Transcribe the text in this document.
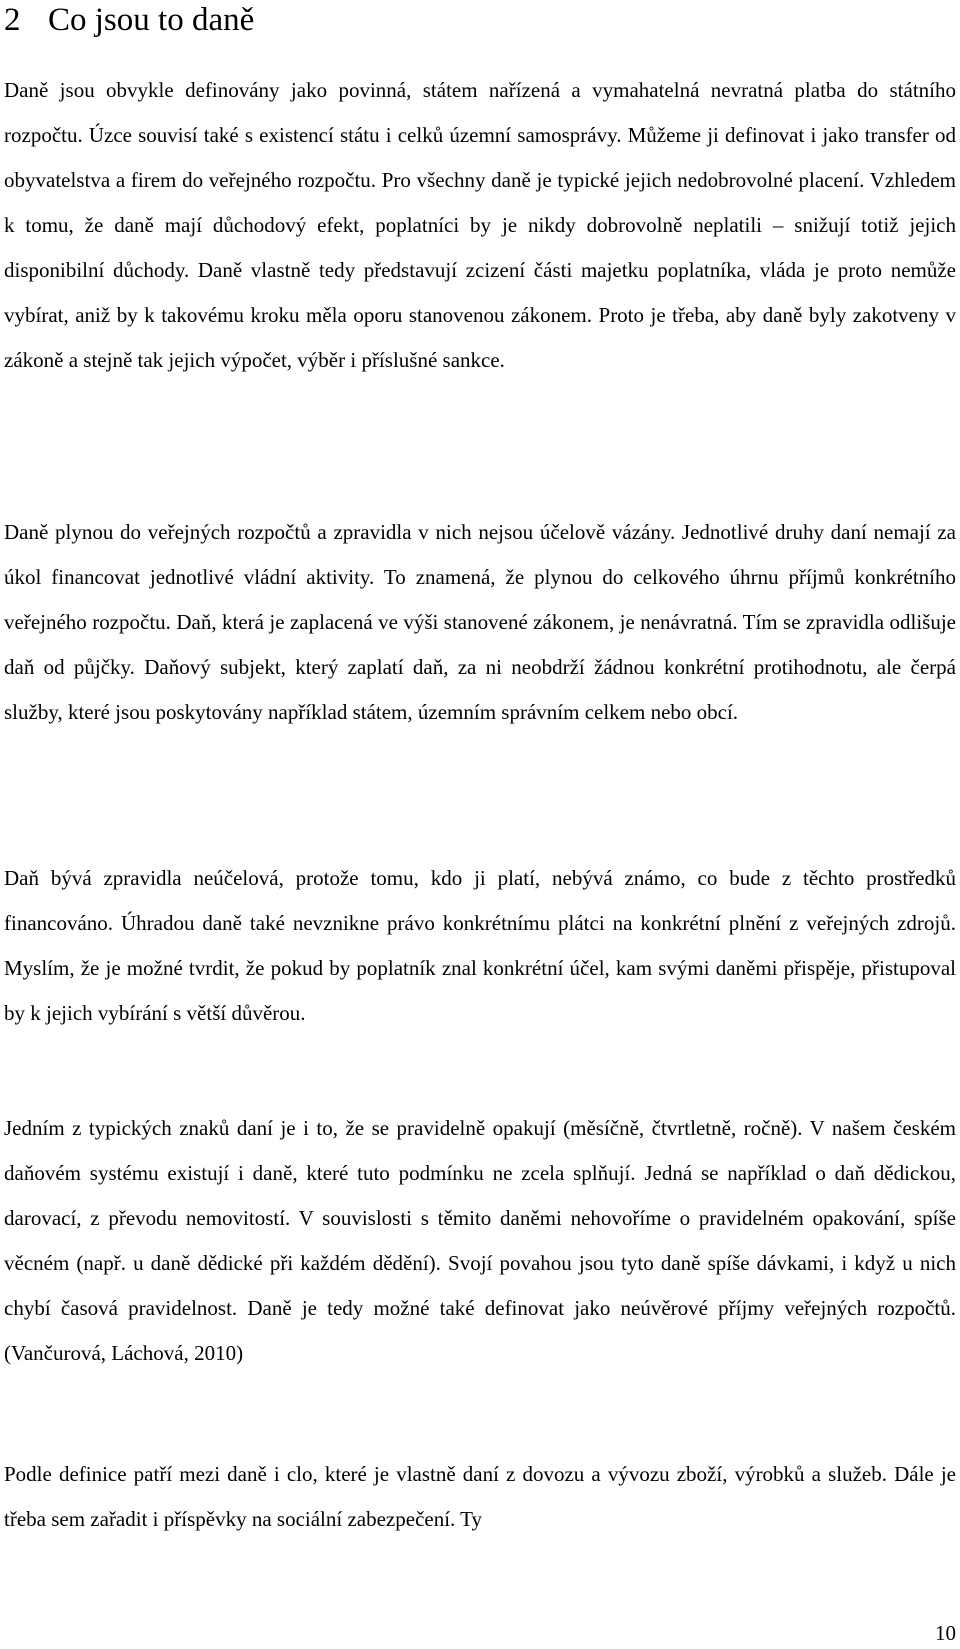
2 Co jsou to daně

Daně jsou obvykle definovány jako povinná, státem nařízená a vymahatelná nevratná platba do státního rozpočtu. Úzce souvisí také s existencí státu i celků územní samosprávy. Můžeme ji definovat i jako transfer od obyvatelstva a firem do veřejného rozpočtu. Pro všechny daně je typické jejich nedobrovolné placení. Vzhledem k tomu, že daně mají důchodový efekt, poplatníci by je nikdy dobrovolně neplatili – snižují totiž jejich disponibilní důchody. Daně vlastně tedy představují zcizení části majetku poplatníka, vláda je proto nemůže vybírat, aniž by k takovému kroku měla oporu stanovenou zákonem. Proto je třeba, aby daně byly zakotveny v zákoně a stejně tak jejich výpočet, výběr i příslušné sankce.

Daně plynou do veřejných rozpočtů a zpravidla v nich nejsou účelově vázány. Jednotlivé druhy daní nemají za úkol financovat jednotlivé vládní aktivity. To znamená, že plynou do celkového úhrnu příjmů konkrétního veřejného rozpočtu. Daň, která je zaplacená ve výši stanovené zákonem, je nenávratná. Tím se zpravidla odlišuje daň od půjčky. Daňový subjekt, který zaplatí daň, za ni neobdrží žádnou konkrétní protihodnotu, ale čerpá služby, které jsou poskytovány například státem, územním správním celkem nebo obcí.

Daň bývá zpravidla neúčelová, protože tomu, kdo ji platí, nebývá známo, co bude z těchto prostředků financováno. Úhradou daně také nevznikne právo konkrétnímu plátci na konkrétní plnění z veřejných zdrojů. Myslím, že je možné tvrdit, že pokud by poplatník znal konkrétní účel, kam svými daněmi přispěje, přistupoval by k jejich vybírání s větší důvěrou.

Jedním z typických znaků daní je i to, že se pravidelně opakují (měsíčně, čtvrtletně, ročně). V našem českém daňovém systému existují i daně, které tuto podmínku ne zcela splňují. Jedná se například o daň dědickou, darovací, z převodu nemovitostí. V souvislosti s těmito daněmi nehovoříme o pravidelném opakování, spíše věcném (např. u daně dědické při každém dědění). Svojí povahou jsou tyto daně spíše dávkami, i když u nich chybí časová pravidelnost. Daně je tedy možné také definovat jako neúvěrové příjmy veřejných rozpočtů. (Vančurová, Láchová, 2010)

Podle definice patří mezi daně i clo, které je vlastně daní z dovozu a vývozu zboží, výrobků a služeb. Dále je třeba sem zařadit i příspěvky na sociální zabezpečení. Ty

10
